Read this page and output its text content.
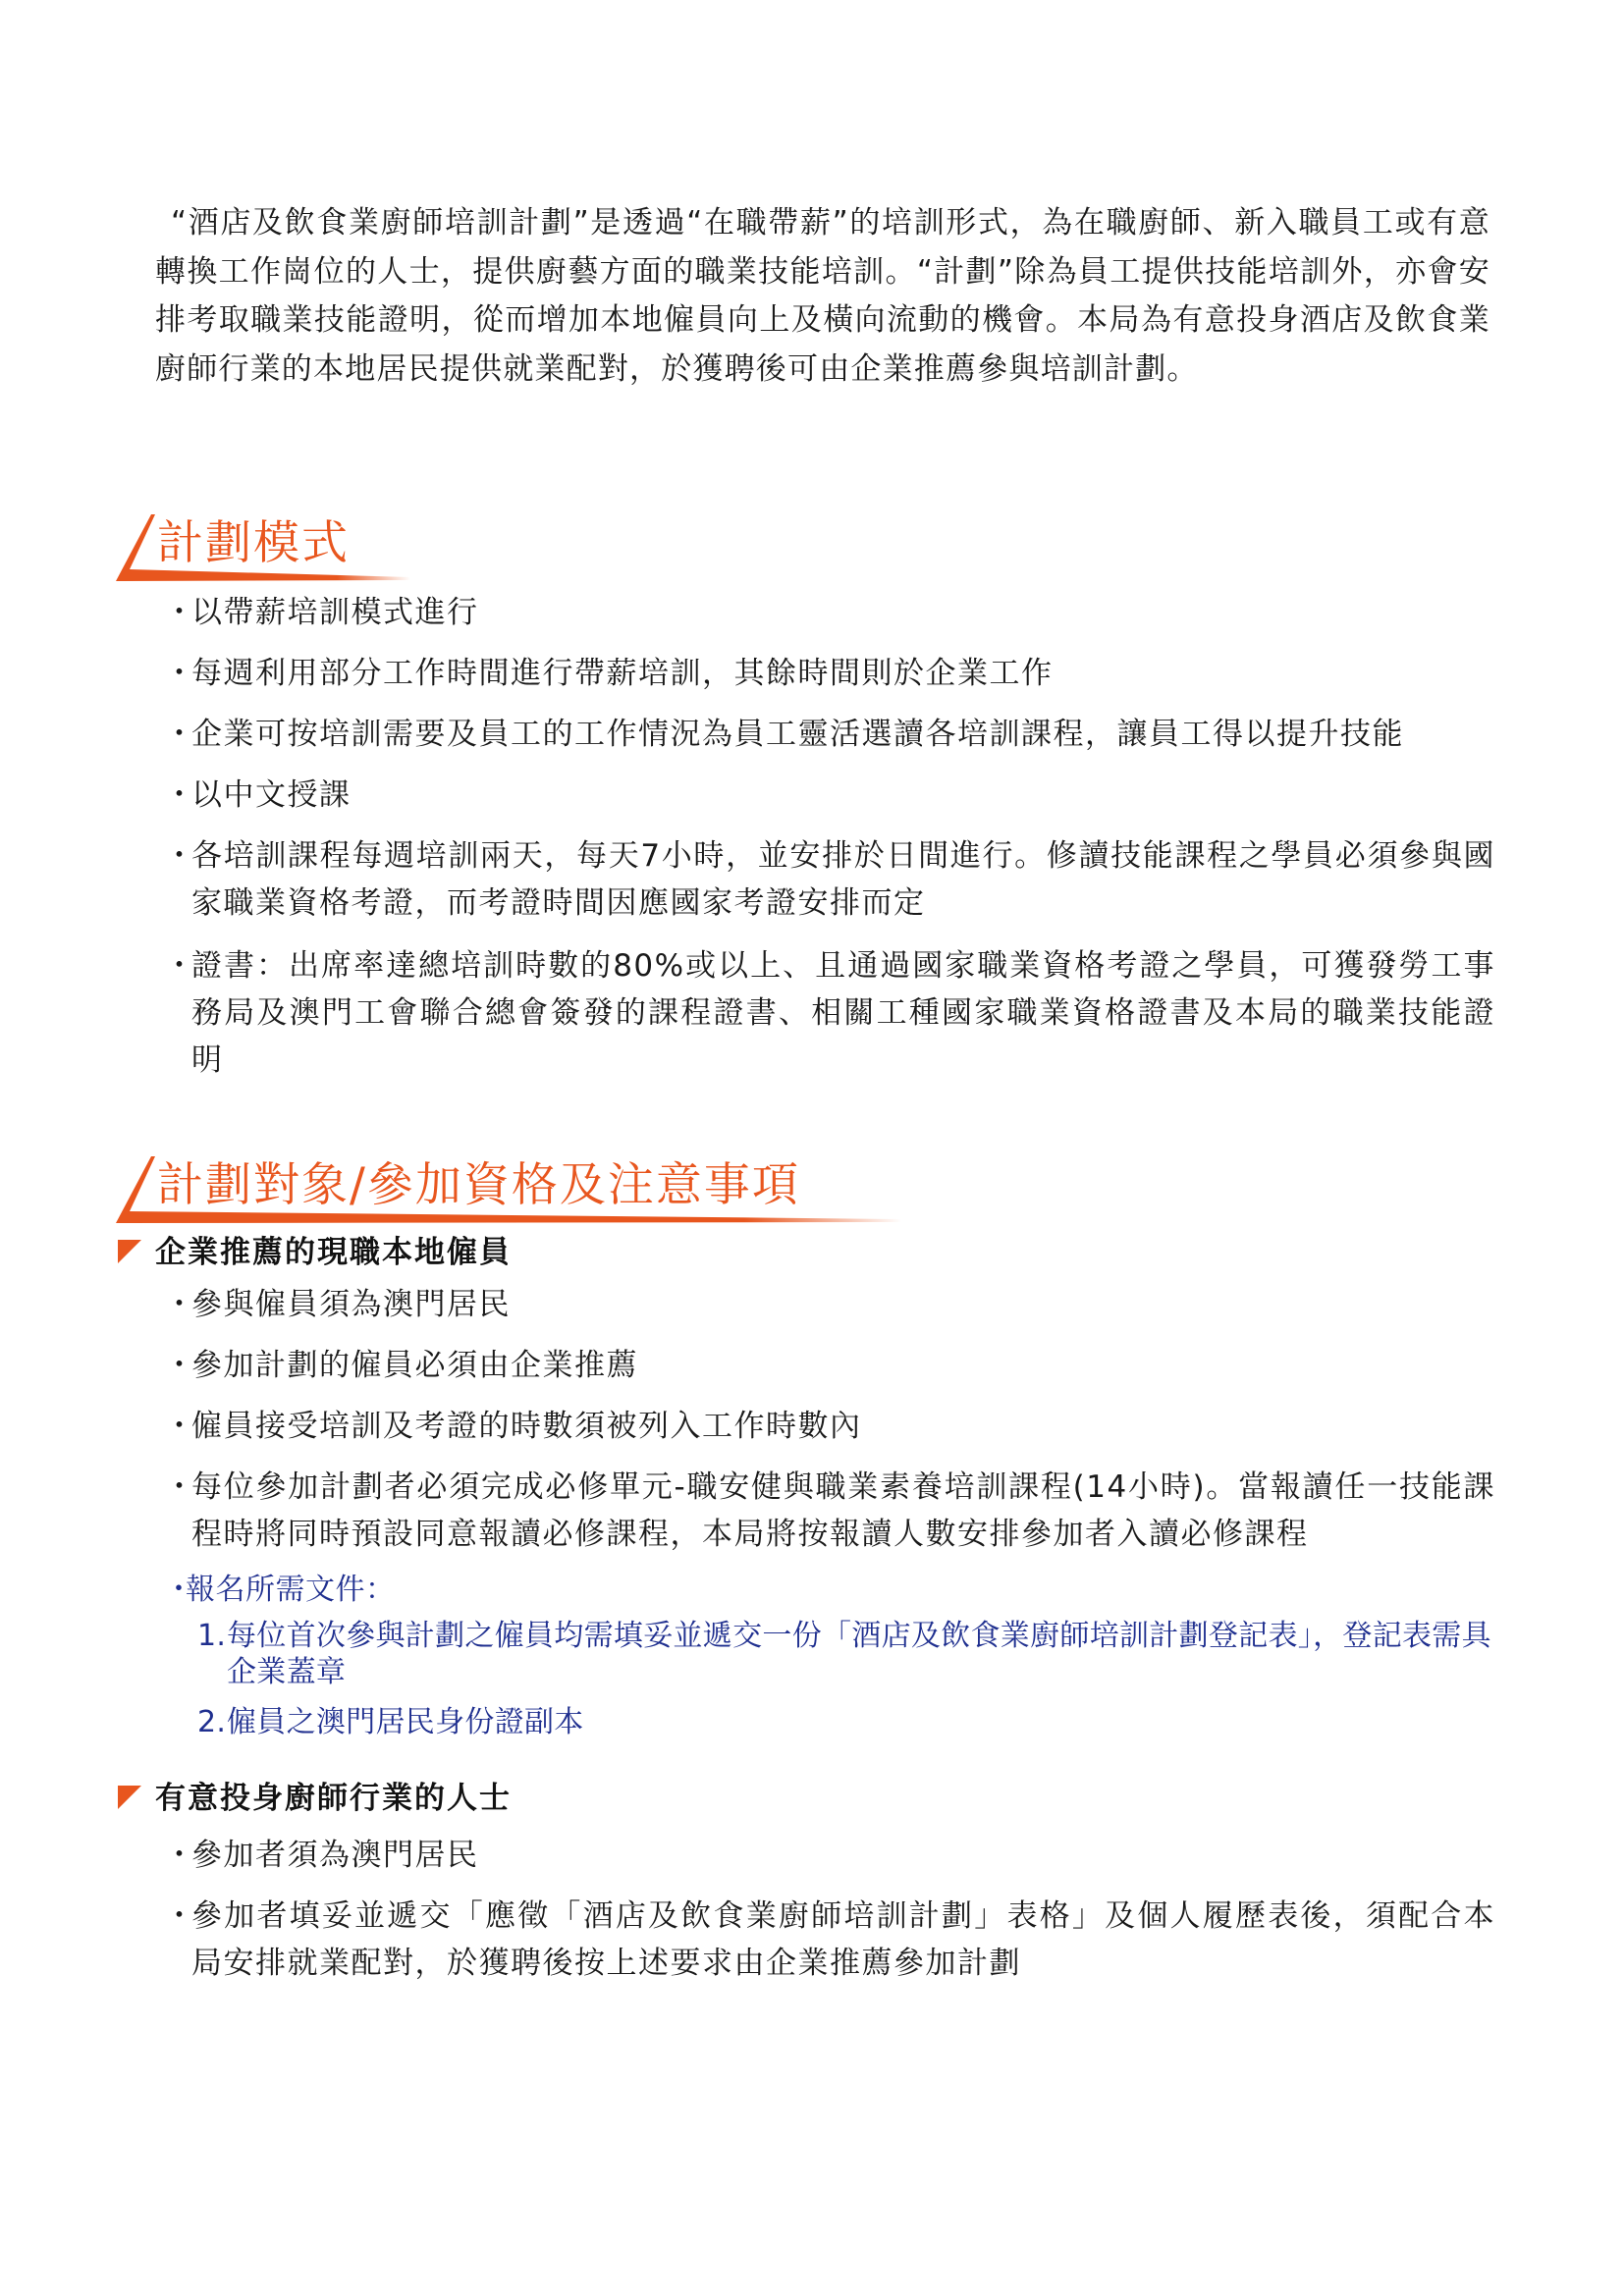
“酒店及飲食業廚師培訓計劃”是透過“在職帶薪”的培訓形式，為在職廚師、新入職員工或有意轉換工作崗位的人士，提供廚藝方面的職業技能培訓。“計劃”除為員工提供技能培訓外，亦會安排考取職業技能證明，從而增加本地僱員向上及橫向流動的機會。本局為有意投身酒店及飲食業廚師行業的本地居民提供就業配對，於獲聘後可由企業推薦參與培訓計劃。

計劃模式
・
以帶薪培訓模式進行
・
每週利用部分工作時間進行帶薪培訓，其餘時間則於企業工作
・
企業可按培訓需要及員工的工作情況為員工靈活選讀各培訓課程，讓員工得以提升技能
・
以中文授課
・
各培訓課程每週培訓兩天，每天7小時，並安排於日間進行。修讀技能課程之學員必須參與國家職業資格考證，而考證時間因應國家考證安排而定
・
證書：出席率達總培訓時數的80%或以上、且通過國家職業資格考證之學員，可獲發勞工事務局及澳門工會聯合總會簽發的課程證書、相關工種國家職業資格證書及本局的職業技能證明
計劃對象/參加資格及注意事項
企業推薦的現職本地僱員
・
參與僱員須為澳門居民
・
參加計劃的僱員必須由企業推薦
・
僱員接受培訓及考證的時數須被列入工作時數內
・
每位參加計劃者必須完成必修單元-職安健與職業素養培訓課程(14小時)。當報讀任一技能課程時將同時預設同意報讀必修課程，本局將按報讀人數安排參加者入讀必修課程
・
報名所需文件：
1. 每位首次參與計劃之僱員均需填妥並遞交一份「酒店及飲食業廚師培訓計劃登記表」，登記表需具企業蓋章
2. 僱員之澳門居民身份證副本
有意投身廚師行業的人士
・
參加者須為澳門居民
・
參加者填妥並遞交「應徵「酒店及飲食業廚師培訓計劃」表格」及個人履歷表後，須配合本局安排就業配對，於獲聘後按上述要求由企業推薦參加計劃
